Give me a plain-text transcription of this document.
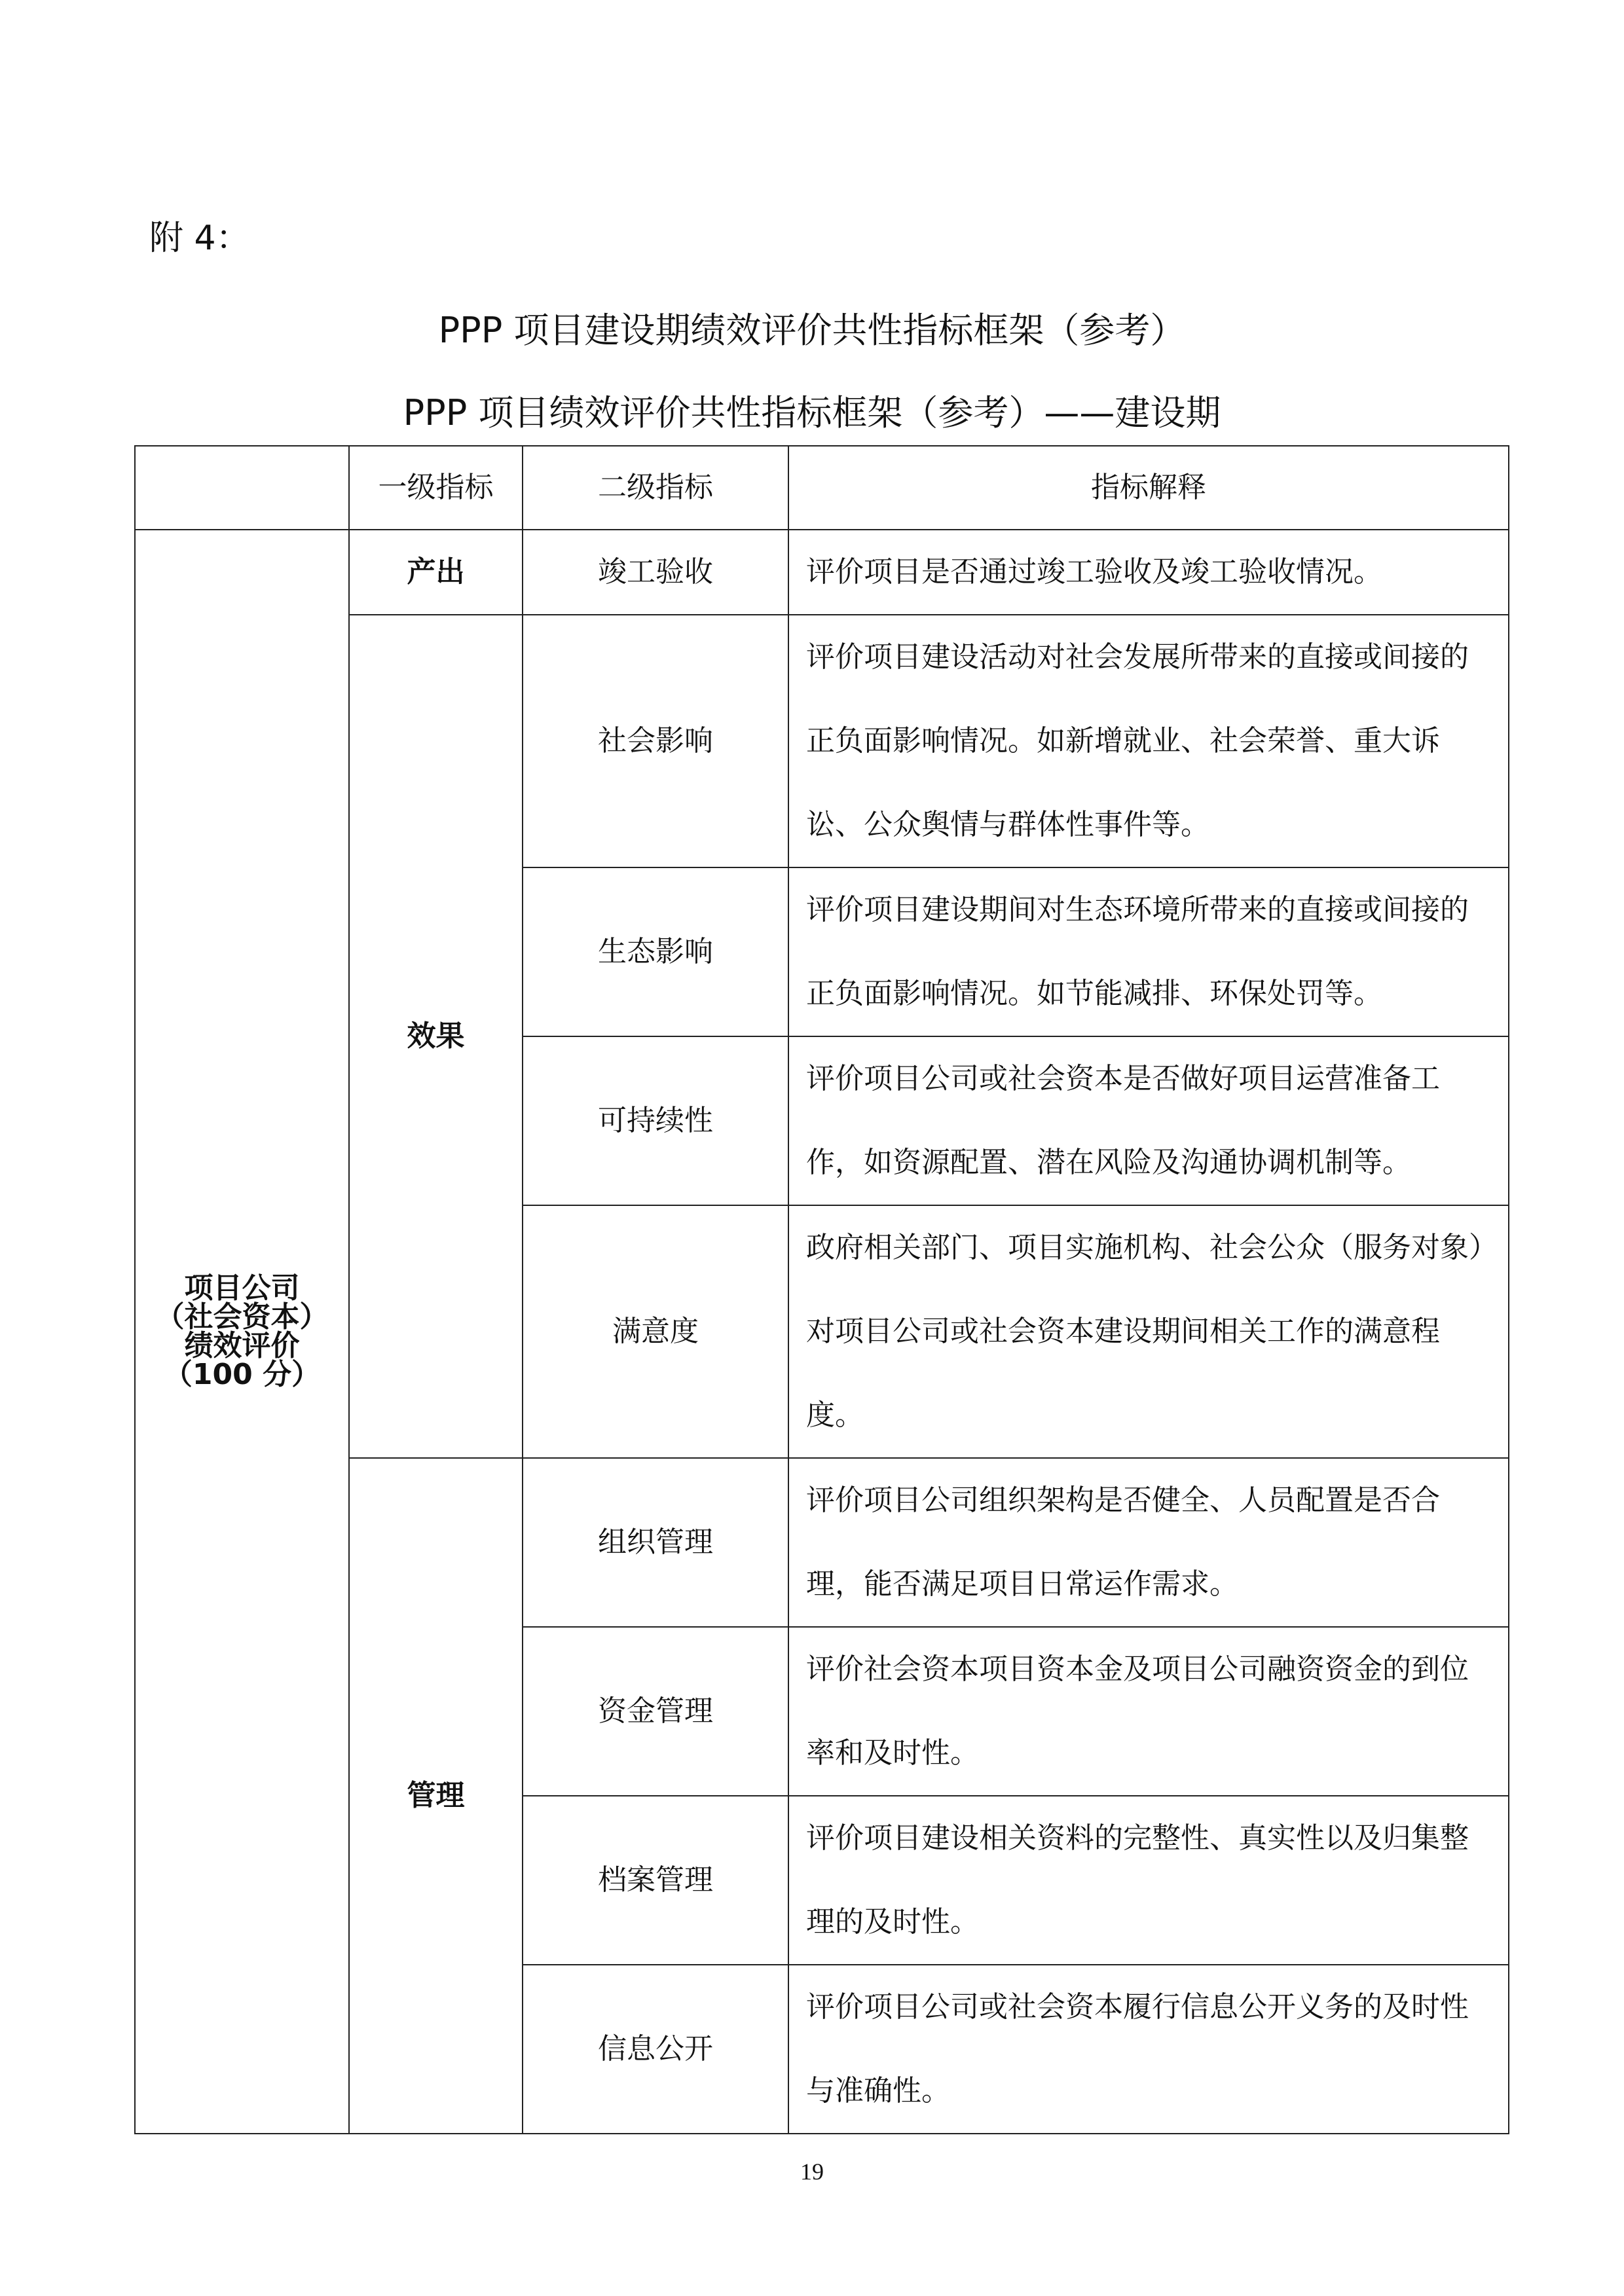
附 4：
PPP 项目建设期绩效评价共性指标框架（参考）
PPP 项目绩效评价共性指标框架（参考）——建设期
	一级指标	二级指标	指标解释

项目公司
（社会资本）
绩效评价
（100 分）	产出	竣工验收	评价项目是否通过竣工验收及竣工验收情况。
	效果	社会影响	评价项目建设活动对社会发展所带来的直接或间接的正负面影响情况。如新增就业、社会荣誉、重大诉讼、公众舆情与群体性事件等。
		生态影响	评价项目建设期间对生态环境所带来的直接或间接的正负面影响情况。如节能减排、环保处罚等。
		可持续性	评价项目公司或社会资本是否做好项目运营准备工作，如资源配置、潜在风险及沟通协调机制等。
		满意度	政府相关部门、项目实施机构、社会公众（服务对象）对项目公司或社会资本建设期间相关工作的满意程度。
	管理	组织管理	评价项目公司组织架构是否健全、人员配置是否合理，能否满足项目日常运作需求。
		资金管理	评价社会资本项目资本金及项目公司融资资金的到位率和及时性。
		档案管理	评价项目建设相关资料的完整性、真实性以及归集整理的及时性。
		信息公开	评价项目公司或社会资本履行信息公开义务的及时性与准确性。
19
